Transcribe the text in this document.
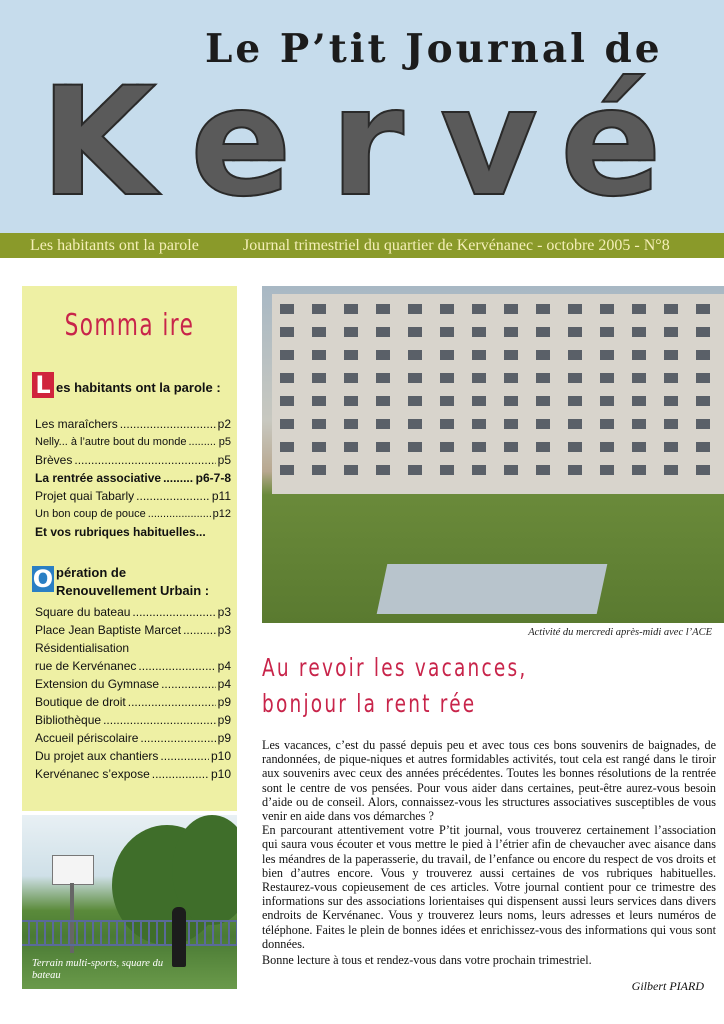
Le P’tit Journal de
K e r v é
Les habitants ont la parole	Journal trimestriel du quartier de Kervénanec - octobre 2005 - N°8
Somma ire
L es habitants ont la parole :
Les maraîchers .....	p2
Nelly... à l’autre bout du monde .....	p5
Brèves .....	p5
La rentrée associative .....	p6-7-8
Projet quai Tabarly .....	p11
Un bon coup de pouce .....	p12
Et vos rubriques habituelles...
O pération de
Renouvellement Urbain :
Square du bateau .....	p3
Place Jean Baptiste Marcet .....	p3
Résidentialisation
rue de Kervénanec .....	p4
Extension du Gymnase .....	p4
Boutique de droit .....	p9
Bibliothèque .....	p9
Accueil périscolaire .....	p9
Du projet aux chantiers .....	p10
Kervénanec s’expose .....	p10
Activité du mercredi après-midi avec l’ACE
Terrain multi-sports, square du bateau
Au revoir les vacances,
bonjour la rent rée

Les vacances, c’est du passé depuis peu et avec tous ces bons souvenirs de baignades, de randonnées, de pique-niques et autres formidables activités, tout cela est rangé dans le tiroir aux souvenirs avec ceux des années précédentes. Toutes les bonnes résolutions de la rentrée sont le centre de vos pensées. Pour vous aider dans certaines, peut-être aurez-vous besoin d’aide ou de conseil. Alors, connaissez-vous les structures associatives susceptibles de vous venir en aide dans vos démarches ?

En parcourant attentivement votre P’tit journal, vous trouverez certainement l’association qui saura vous écouter et vous mettre le pied à l’étrier afin de chevaucher avec aisance dans les méandres de la paperasserie, du travail, de l’enfance ou encore du respect de vos droits et bien d’autres encore. Vous y trouverez aussi certaines de vos rubriques habituelles. Restaurez-vous copieusement de ces articles. Votre journal contient pour ce trimestre des informations sur des associations lorientaises qui dispensent aussi leurs services dans divers endroits de Kervénanec. Vous y trouverez leurs noms, leurs adresses et leurs numéros de téléphone. Faites le plein de bonnes idées et enrichissez-vous des informations qui vous sont données.

Bonne lecture à tous et rendez-vous dans votre prochain trimestriel.
Gilbert PIARD
